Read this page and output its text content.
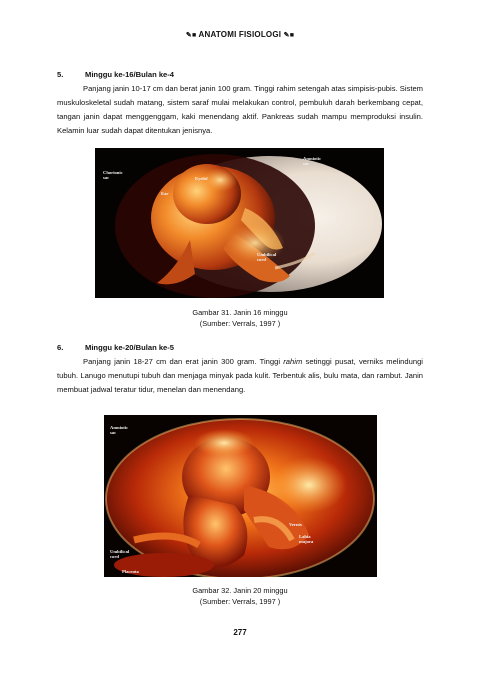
✎■ ANATOMI FISIOLOGI ✎■
5.	Minggu ke-16/Bulan ke-4

Panjang janin 10-17 cm dan berat janin 100 gram. Tinggi rahim setengah atas simpisis-pubis. Sistem muskuloskeletal sudah matang, sistem saraf mulai melakukan control, pembuluh darah berkembang cepat, tangan janin dapat menggenggam, kaki menendang aktif. Pankreas sudah mampu memproduksi insulin. Kelamin luar sudah dapat ditentukan jenisnya.

Amniotic
sac
Chorionic
sac	Eyelid
Ear
Umbilical
cord
Gambar 31. Janin 16 minggu
(Sumber: Verrals, 1997 )
6.	Minggu ke-20/Bulan ke-5

Panjang janin 18-27 cm dan erat janin 300 gram. Tinggi rahim setinggi pusat, verniks melindungi tubuh. Lanugo menutupi tubuh dan menjaga minyak pada kulit. Terbentuk alis, bulu mata, dan rambut. Janin membuat jadwal teratur tidur, menelan dan menendang.

Amniotic
sac
Vernix
Labia
majora
Umbilical
cord
Placenta
Gambar 32. Janin 20 minggu
(Sumber: Verrals, 1997 )
277
